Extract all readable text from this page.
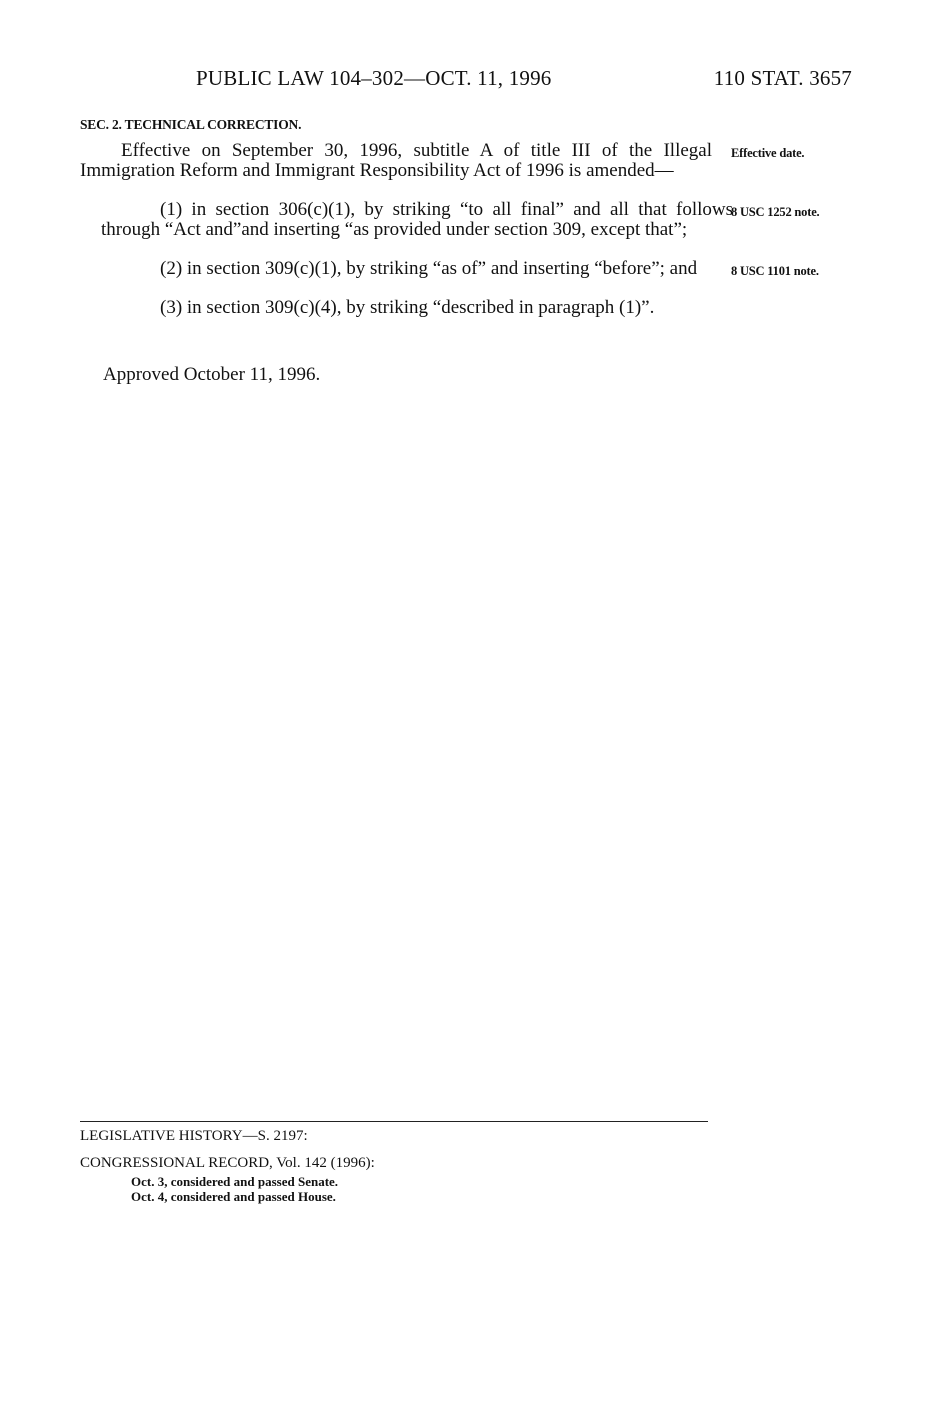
PUBLIC LAW 104–302—OCT. 11, 1996	110 STAT. 3657
SEC. 2. TECHNICAL CORRECTION.
Effective on September 30, 1996, subtitle A of title III of the Illegal Immigration Reform and Immigrant Responsibility Act of 1996 is amended—
(1) in section 306(c)(1), by striking “to all final” and all that follows through “Act and”and inserting “as provided under section 309, except that”;
(2) in section 309(c)(1), by striking “as of” and inserting “before”; and
(3) in section 309(c)(4), by striking “described in paragraph (1)”.
Effective date.
8 USC 1252 note.
8 USC 1101 note.
Approved October 11, 1996.
LEGISLATIVE HISTORY—S. 2197:
CONGRESSIONAL RECORD, Vol. 142 (1996):
Oct. 3, considered and passed Senate.
Oct. 4, considered and passed House.
